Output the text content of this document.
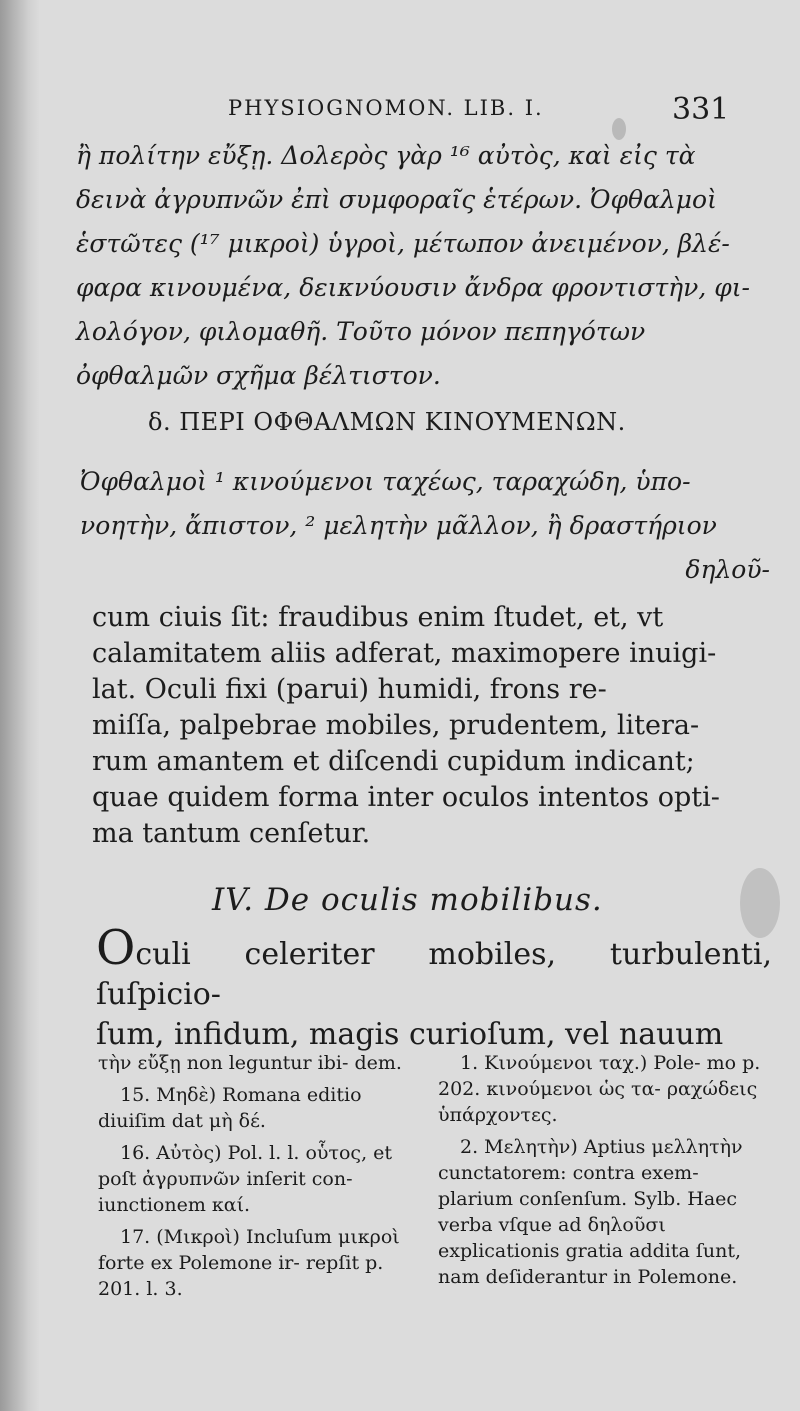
PHYSIOGNOMON. LIB. I.	331
ἢ πολίτην εὔξῃ. Δολερὸς γὰρ ¹⁶ αὐτὸς, καὶ εἰς τὰ
δεινὰ ἀγρυπνῶν ἐπὶ συμφοραῖς ἑτέρων. Ὀφθαλμοὶ
ἑστῶτες (¹⁷ μικροὶ) ὑγροὶ, μέτωπον ἀνειμένον, βλέ-
φαρα κινουμένα, δεικνύουσιν ἄνδρα φροντιστὴν, φι-
λολόγον, φιλομαθῆ. Τοῦτο μόνον πεπηγότων
ὀφθαλμῶν σχῆμα βέλτιστον.
δ. ΠΕΡΙ ΟΦΘΑΛΜΩΝ ΚΙΝΟΥΜΕΝΩΝ.
Ὀφθαλμοὶ ¹ κινούμενοι ταχέως, ταραχώδη, ὑπο-
νοητὴν, ἄπιστον, ² μελητὴν μᾶλλον, ἢ δραστήριον
δηλοῦ-

cum ciuis ſit: fraudibus enim ſtudet, et, vt

calamitatem aliis adferat, maximopere inuigi-

lat. Oculi fixi (parui) humidi, frons re-

miſſa, palpebrae mobiles, prudentem, litera-

rum amantem et diſcendi cupidum indicant;

quae quidem forma inter oculos intentos opti-

ma tantum cenſetur.

IV. De oculis mobilibus.

Oculi celeriter mobiles, turbulenti, ſuſpicio-

ſum, infidum, magis curioſum, vel nauum

τὴν εὔξῃ non leguntur ibi- dem.

15. Μηδὲ) Romana editio diuiſim dat μὴ δέ.

16. Αὐτὸς) Pol. l. l. οὗτος, et poſt ἀγρυπνῶν inſerit con- iunctionem καί.

17. (Μικροὶ) Incluſum μικροὶ forte ex Polemone ir- repſit p. 201. l. 3.

1. Κινούμενοι ταχ.) Pole- mo p. 202. κινούμενοι ὡς τα- ραχώδεις ὑπάρχοντες.

2. Μελητὴν) Aptius μελλητὴν cunctatorem: contra exem- plarium conſenſum. Sylb. Haec verba vſque ad δηλοῦσι explicationis gratia addita ſunt, nam deſiderantur in Polemone.
